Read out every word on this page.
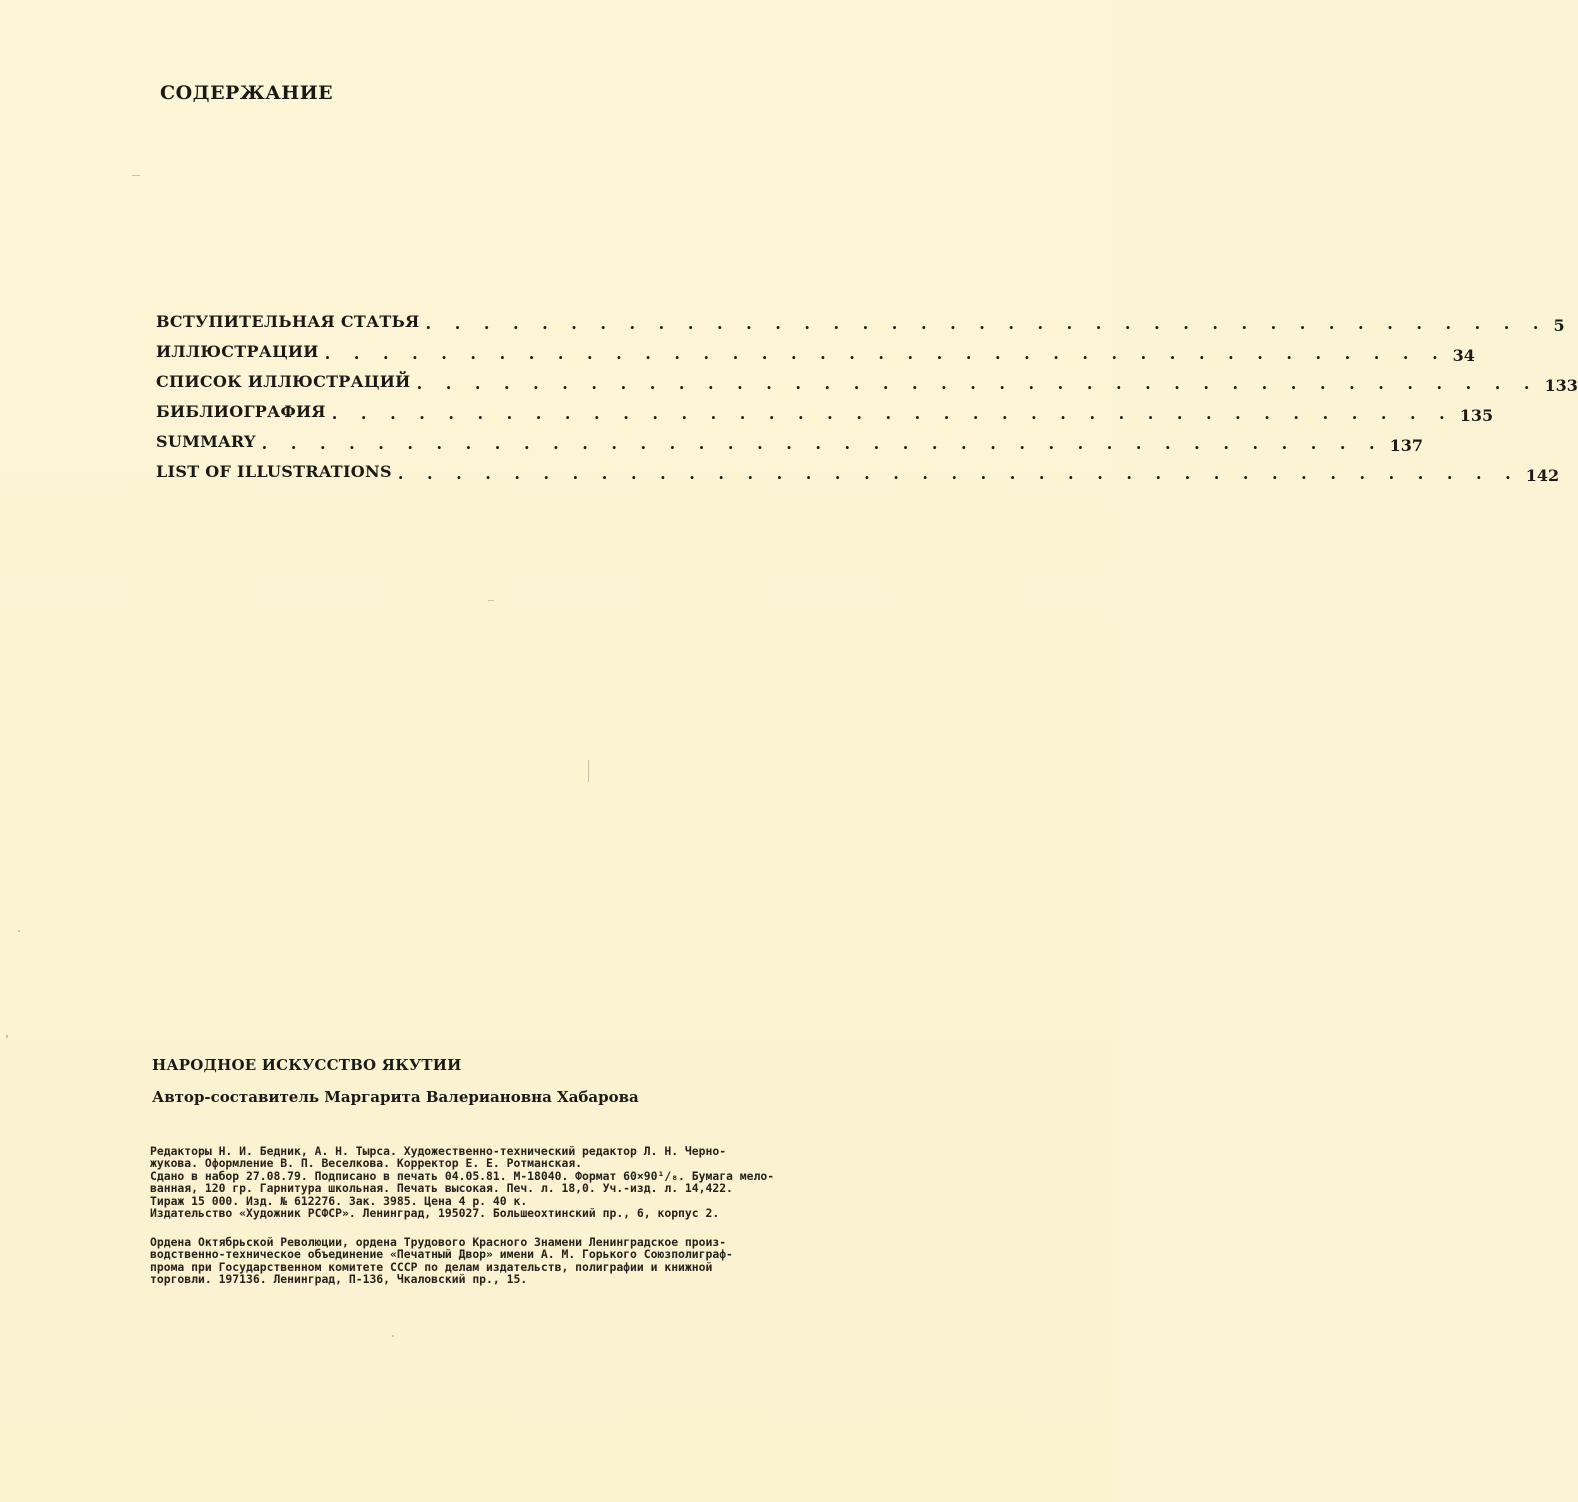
СОДЕРЖАНИЕ
ВСТУПИТЕЛЬНАЯ СТАТЬЯ . . . . . . . . . . . . . . . . . . . . . . . . . . . . . . . . . . . . . . . 5
ИЛЛЮСТРАЦИИ . . . . . . . . . . . . . . . . . . . . . . . . . . . . . . . . . . . . . . . 34
СПИСОК ИЛЛЮСТРАЦИЙ . . . . . . . . . . . . . . . . . . . . . . . . . . . . . . . . . . . . . . . 133
БИБЛИОГРАФИЯ . . . . . . . . . . . . . . . . . . . . . . . . . . . . . . . . . . . . . . . 135
SUMMARY . . . . . . . . . . . . . . . . . . . . . . . . . . . . . . . . . . . . . . . 137
LIST OF ILLUSTRATIONS . . . . . . . . . . . . . . . . . . . . . . . . . . . . . . . . . . . . . . . 142
НАРОДНОЕ ИСКУССТВО ЯКУТИИ
Автор-составитель Маргарита Валериановна Хабарова
Редакторы Н. И. Бедник, А. Н. Тырса. Художественно-технический редактор Л. Н. Черно-
жукова. Оформление В. П. Веселкова. Корректор Е. Е. Ротманская.
Сдано в набор 27.08.79. Подписано в печать 04.05.81. М-18040. Формат 60×90¹/₈. Бумага мело-
ванная, 120 гр. Гарнитура школьная. Печать высокая. Печ. л. 18,0. Уч.-изд. л. 14,422.
Тираж 15 000. Изд. № 612276. Зак. 3985. Цена 4 р. 40 к.
Издательство «Художник РСФСР». Ленинград, 195027. Большеохтинский пр., 6, корпус 2.
Ордена Октябрьской Революции, ордена Трудового Красного Знамени Ленинградское произ-
водственно-техническое объединение «Печатный Двор» имени А. М. Горького Союзполиграф-
прома при Государственном комитете СССР по делам издательств, полиграфии и книжной
торговли. 197136. Ленинград, П-136, Чкаловский пр., 15.
